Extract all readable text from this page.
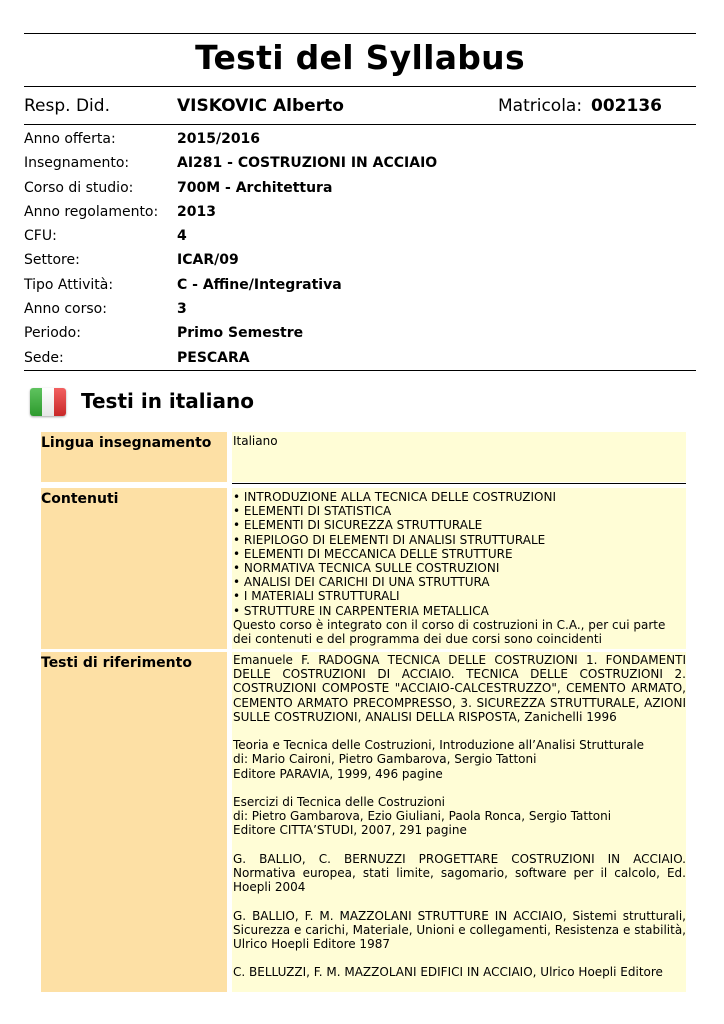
Testi del Syllabus
Resp. Did.	VISKOVIC Alberto	Matricola: 002136
Anno offerta:	2015/2016
Insegnamento:	AI281 - COSTRUZIONI IN ACCIAIO
Corso di studio:	700M - Architettura
Anno regolamento: 2013
CFU:	4
Settore:	ICAR/09
Tipo Attività:	C - Affine/Integrativa
Anno corso:	3
Periodo:	Primo Semestre
Sede:	PESCARA
Testi in italiano
Lingua insegnamento	Italiano

Contenuti	• INTRODUZIONE ALLA TECNICA DELLE COSTRUZIONI

• ELEMENTI DI STATISTICA

• ELEMENTI DI SICUREZZA STRUTTURALE

• RIEPILOGO DI ELEMENTI DI ANALISI STRUTTURALE

• ELEMENTI DI MECCANICA DELLE STRUTTURE

• NORMATIVA TECNICA SULLE COSTRUZIONI

• ANALISI DEI CARICHI DI UNA STRUTTURA

• I MATERIALI STRUTTURALI

• STRUTTURE IN CARPENTERIA METALLICA

Questo corso è integrato con il corso di costruzioni in C.A., per cui parte dei contenuti e del programma dei due corsi sono coincidenti

Testi di riferimento	Emanuele F. RADOGNA TECNICA DELLE COSTRUZIONI 1. FONDAMENTI DELLE COSTRUZIONI DI ACCIAIO. TECNICA DELLE COSTRUZIONI 2. COSTRUZIONI COMPOSTE "ACCIAIO-CALCESTRUZZO", CEMENTO ARMATO, CEMENTO ARMATO PRECOMPRESSO, 3. SICUREZZA STRUTTURALE, AZIONI SULLE COSTRUZIONI, ANALISI DELLA RISPOSTA, Zanichelli 1996

Teoria e Tecnica delle Costruzioni, Introduzione all’Analisi Strutturale

di: Mario Caironi, Pietro Gambarova, Sergio Tattoni

Editore PARAVIA, 1999, 496 pagine

Esercizi di Tecnica delle Costruzioni

di: Pietro Gambarova, Ezio Giuliani, Paola Ronca, Sergio Tattoni

Editore CITTA’STUDI, 2007, 291 pagine

G. BALLIO, C. BERNUZZI PROGETTARE COSTRUZIONI IN ACCIAIO. Normativa europea, stati limite, sagomario, software per il calcolo, Ed. Hoepli 2004

G. BALLIO, F. M. MAZZOLANI STRUTTURE IN ACCIAIO, Sistemi strutturali, Sicurezza e carichi, Materiale, Unioni e collegamenti, Resistenza e stabilità, Ulrico Hoepli Editore 1987

C. BELLUZZI, F. M. MAZZOLANI EDIFICI IN ACCIAIO, Ulrico Hoepli Editore
